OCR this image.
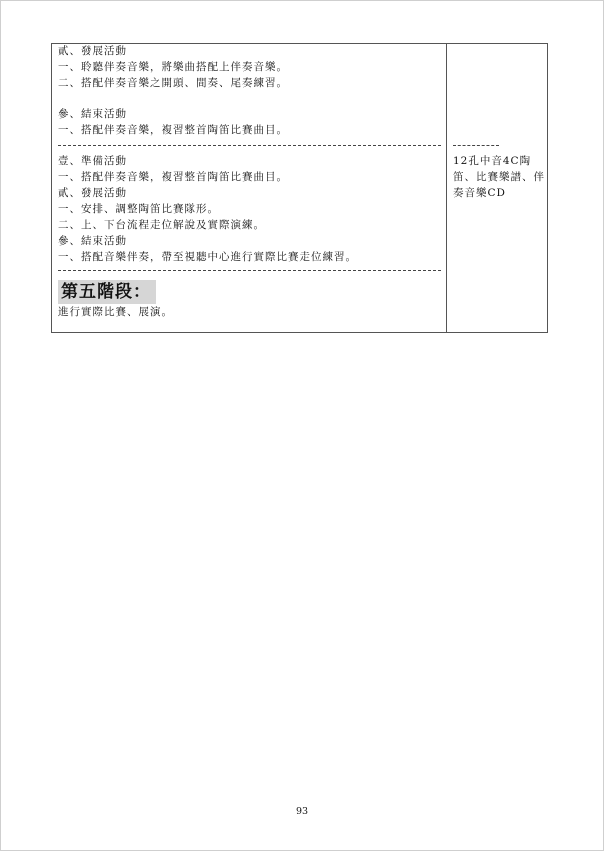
貳、發展活動
一、聆聽伴奏音樂，將樂曲搭配上伴奏音樂。
二、搭配伴奏音樂之開頭、間奏、尾奏練習。
參、結束活動
一、搭配伴奏音樂，複習整首陶笛比賽曲目。
壹、準備活動
一、搭配伴奏音樂，複習整首陶笛比賽曲目。
貳、發展活動
一、安排、調整陶笛比賽隊形。
二、上、下台流程走位解說及實際演練。
參、結束活動
一、搭配音樂伴奏，帶至視聽中心進行實際比賽走位練習。
第五階段：
進行實際比賽、展演。
12孔中音4C陶
笛、比賽樂譜、伴
奏音樂CD
93
